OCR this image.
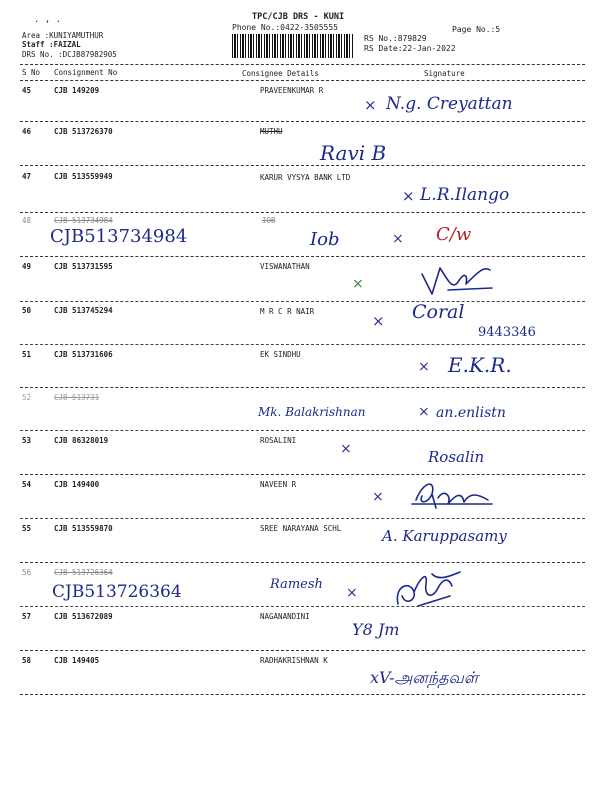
. , .	TPC/CJB DRS - KUNI
Phone No.:0422-3505555	Page No.:5
Area :KUNIYAMUTHUR
Staff :FAIZAL
DRS No. :DCJB87982905
RS No.:879829
RS Date:22-Jan-2022
S No Consignment No	Consignee Details	Signature
45	CJB 149209	PRAVEENKUMAR R
× N.g. Creyattan
46	CJB 513726370	MUTHU
Ravi B
47	CJB 513559949	KARUR VYSYA BANK LTD
× L.R.Ilango
48	CJB 513734984	IOB
CJB513734984	Iob	× C/w
49	CJB 513731595	VISWANATHAN
×
50	CJB 513745294	M R C R NAIR
× Coral
9443346
51	CJB 513731606	EK SINDHU
× E.K.R.
52	CJB 513731
Mk. Balakrishnan	× an.enlistn
53	CJB 86328019	ROSALINI
×	Rosalin
54	CJB 149400	NAVEEN R
×
55	CJB 513559870	SREE NARAYANA SCHL	A. Karuppasamy
56	CJB 513726364
CJB513726364	Ramesh
×
57	CJB 513672089	NAGANANDINI
Y8 Jm
58	CJB 149405	RADHAKRISHNAN K
xV-அனந்தவள்
